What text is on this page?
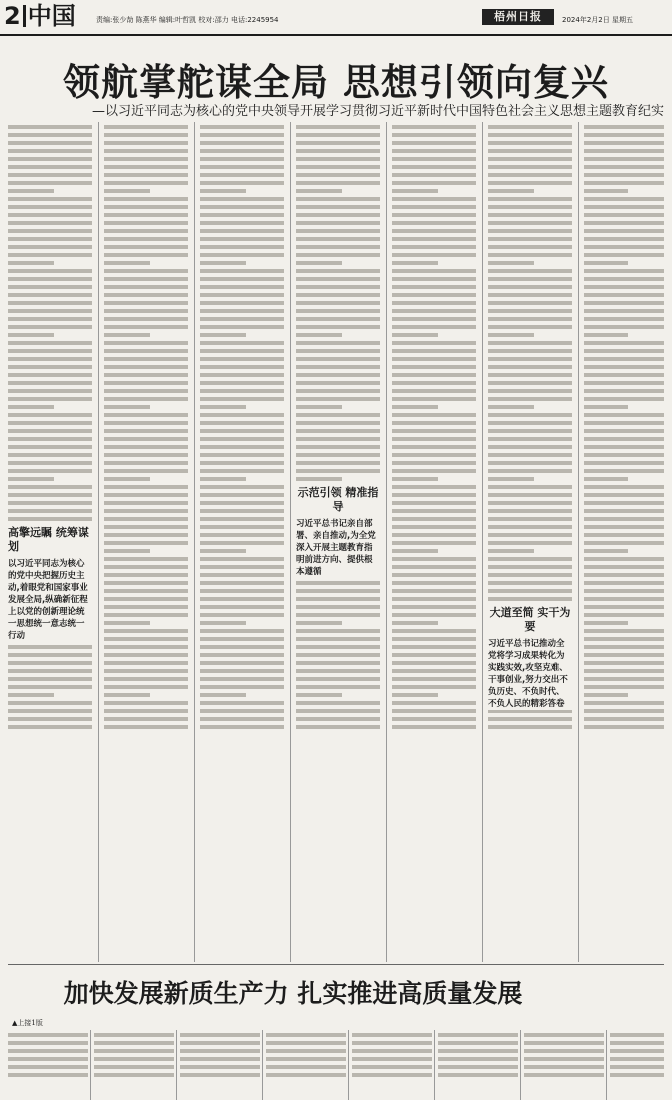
2 中国	责编:张少劼 陈燕华 编辑:叶哲凯 校对:邵力 电话:2245954	梧州日报	2024年2月2日 星期五
领航掌舵谋全局 思想引领向复兴
—以习近平同志为核心的党中央领导开展学习贯彻习近平新时代中国特色社会主义思想主题教育纪实
高擎远瞩 统筹谋划
以习近平同志为核心的党中央把握历史主动,着眼党和国家事业发展全局,纵确新征程上以党的创新理论统一思想统一意志统一行动
示范引领 精准指导
习近平总书记亲自部署、亲自推动,为全党深入开展主题教育指明前进方向、提供根本遵循
大道至简 实干为要
习近平总书记推动全党将学习成果转化为实践实效,攻坚克难、干事创业,努力交出不负历史、不负时代、不负人民的精彩答卷
加快发展新质生产力 扎实推进高质量发展
▲上接1版
